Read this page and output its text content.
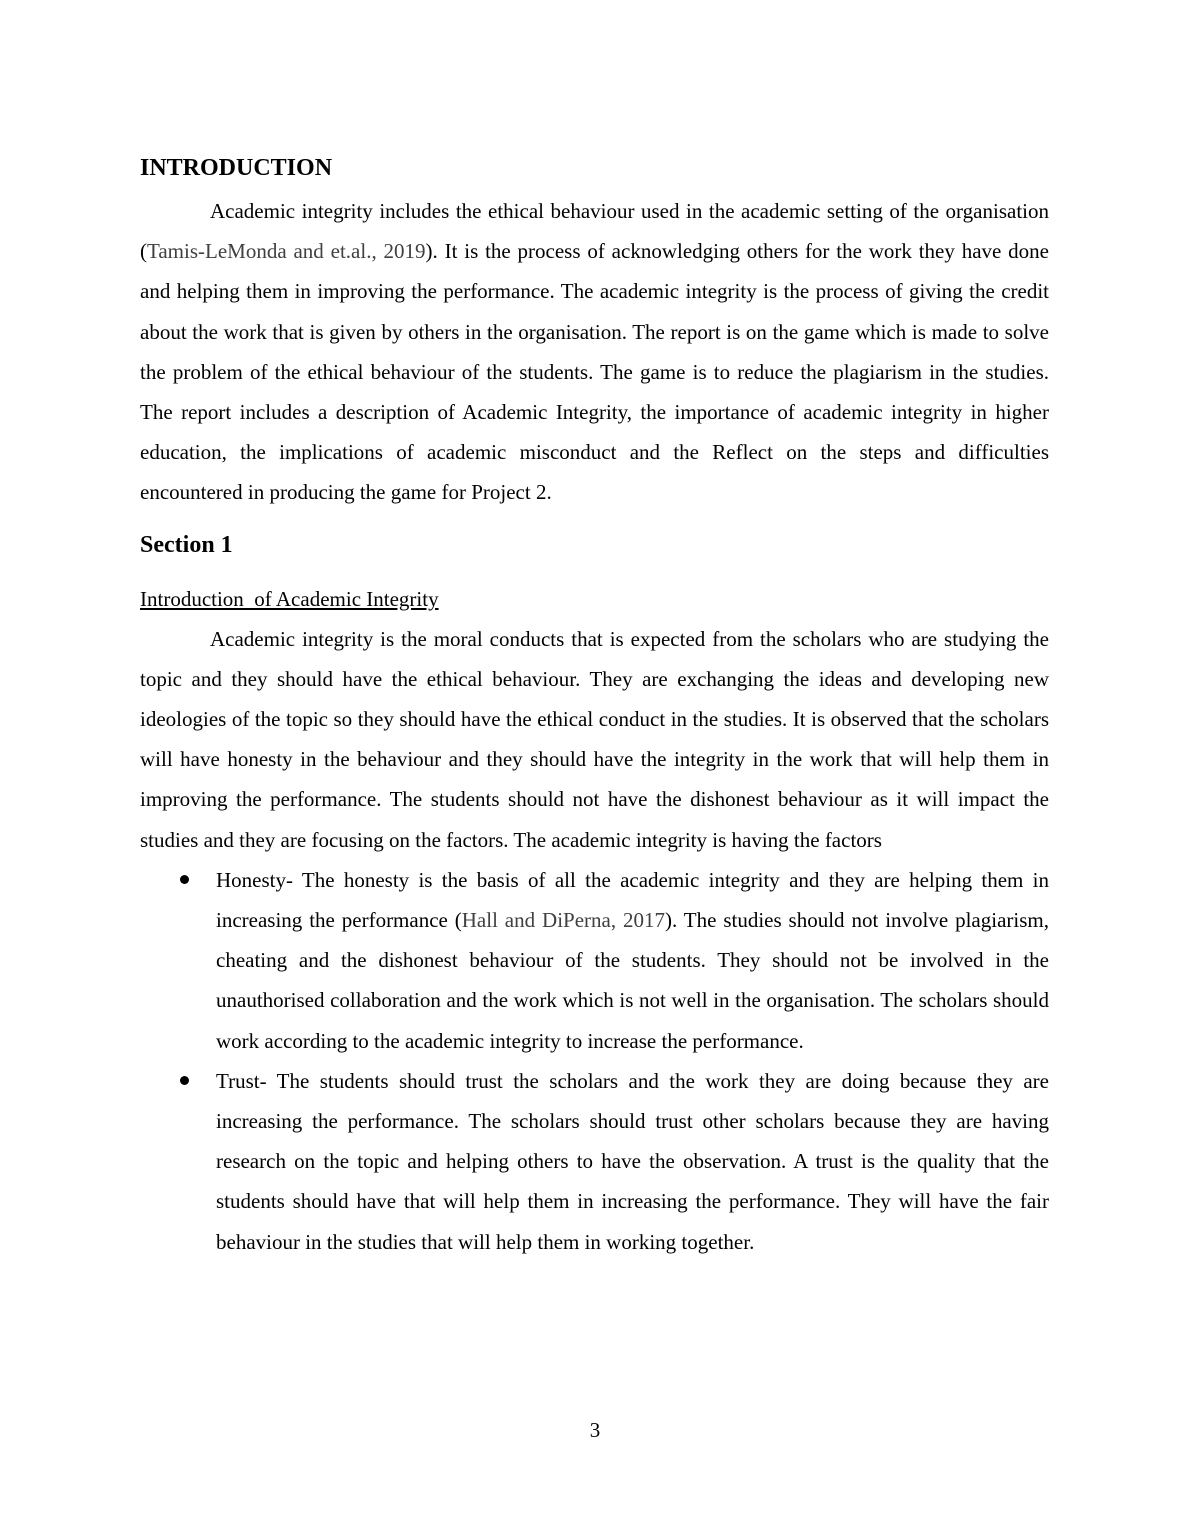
INTRODUCTION

Academic integrity includes the ethical behaviour used in the academic setting of the organisation (Tamis-LeMonda and et.al., 2019). It is the process of acknowledging others for the work they have done and helping them in improving the performance. The academic integrity is the process of giving the credit about the work that is given by others in the organisation. The report is on the game which is made to solve the problem of the ethical behaviour of the students. The game is to reduce the plagiarism in the studies. The report includes a description of Academic Integrity, the importance of academic integrity in higher education, the implications of academic misconduct and the Reflect on the steps and difficulties encountered in producing the game for Project 2.

Section 1
Introduction  of Academic Integrity

Academic integrity is the moral conducts that is expected from the scholars who are studying the topic and they should have the ethical behaviour. They are exchanging the ideas and developing new ideologies of the topic so they should have the ethical conduct in the studies. It is observed that the scholars will have honesty in the behaviour and they should have the integrity in the work that will help them in improving the performance. The students should not have the dishonest behaviour as it will impact the studies and they are focusing on the factors. The academic integrity is having the factors

Honesty- The honesty is the basis of all the academic integrity and they are helping them in increasing the performance (Hall and DiPerna, 2017). The studies should not involve plagiarism, cheating and the dishonest behaviour of the students. They should not be involved in the unauthorised collaboration and the work which is not well in the organisation. The scholars should work according to the academic integrity to increase the performance.
Trust- The students should trust the scholars and the work they are doing because they are increasing the performance. The scholars should trust other scholars because they are having research on the topic and helping others to have the observation. A trust is the quality that the students should have that will help them in increasing the performance. They will have the fair behaviour in the studies that will help them in working together.
3
